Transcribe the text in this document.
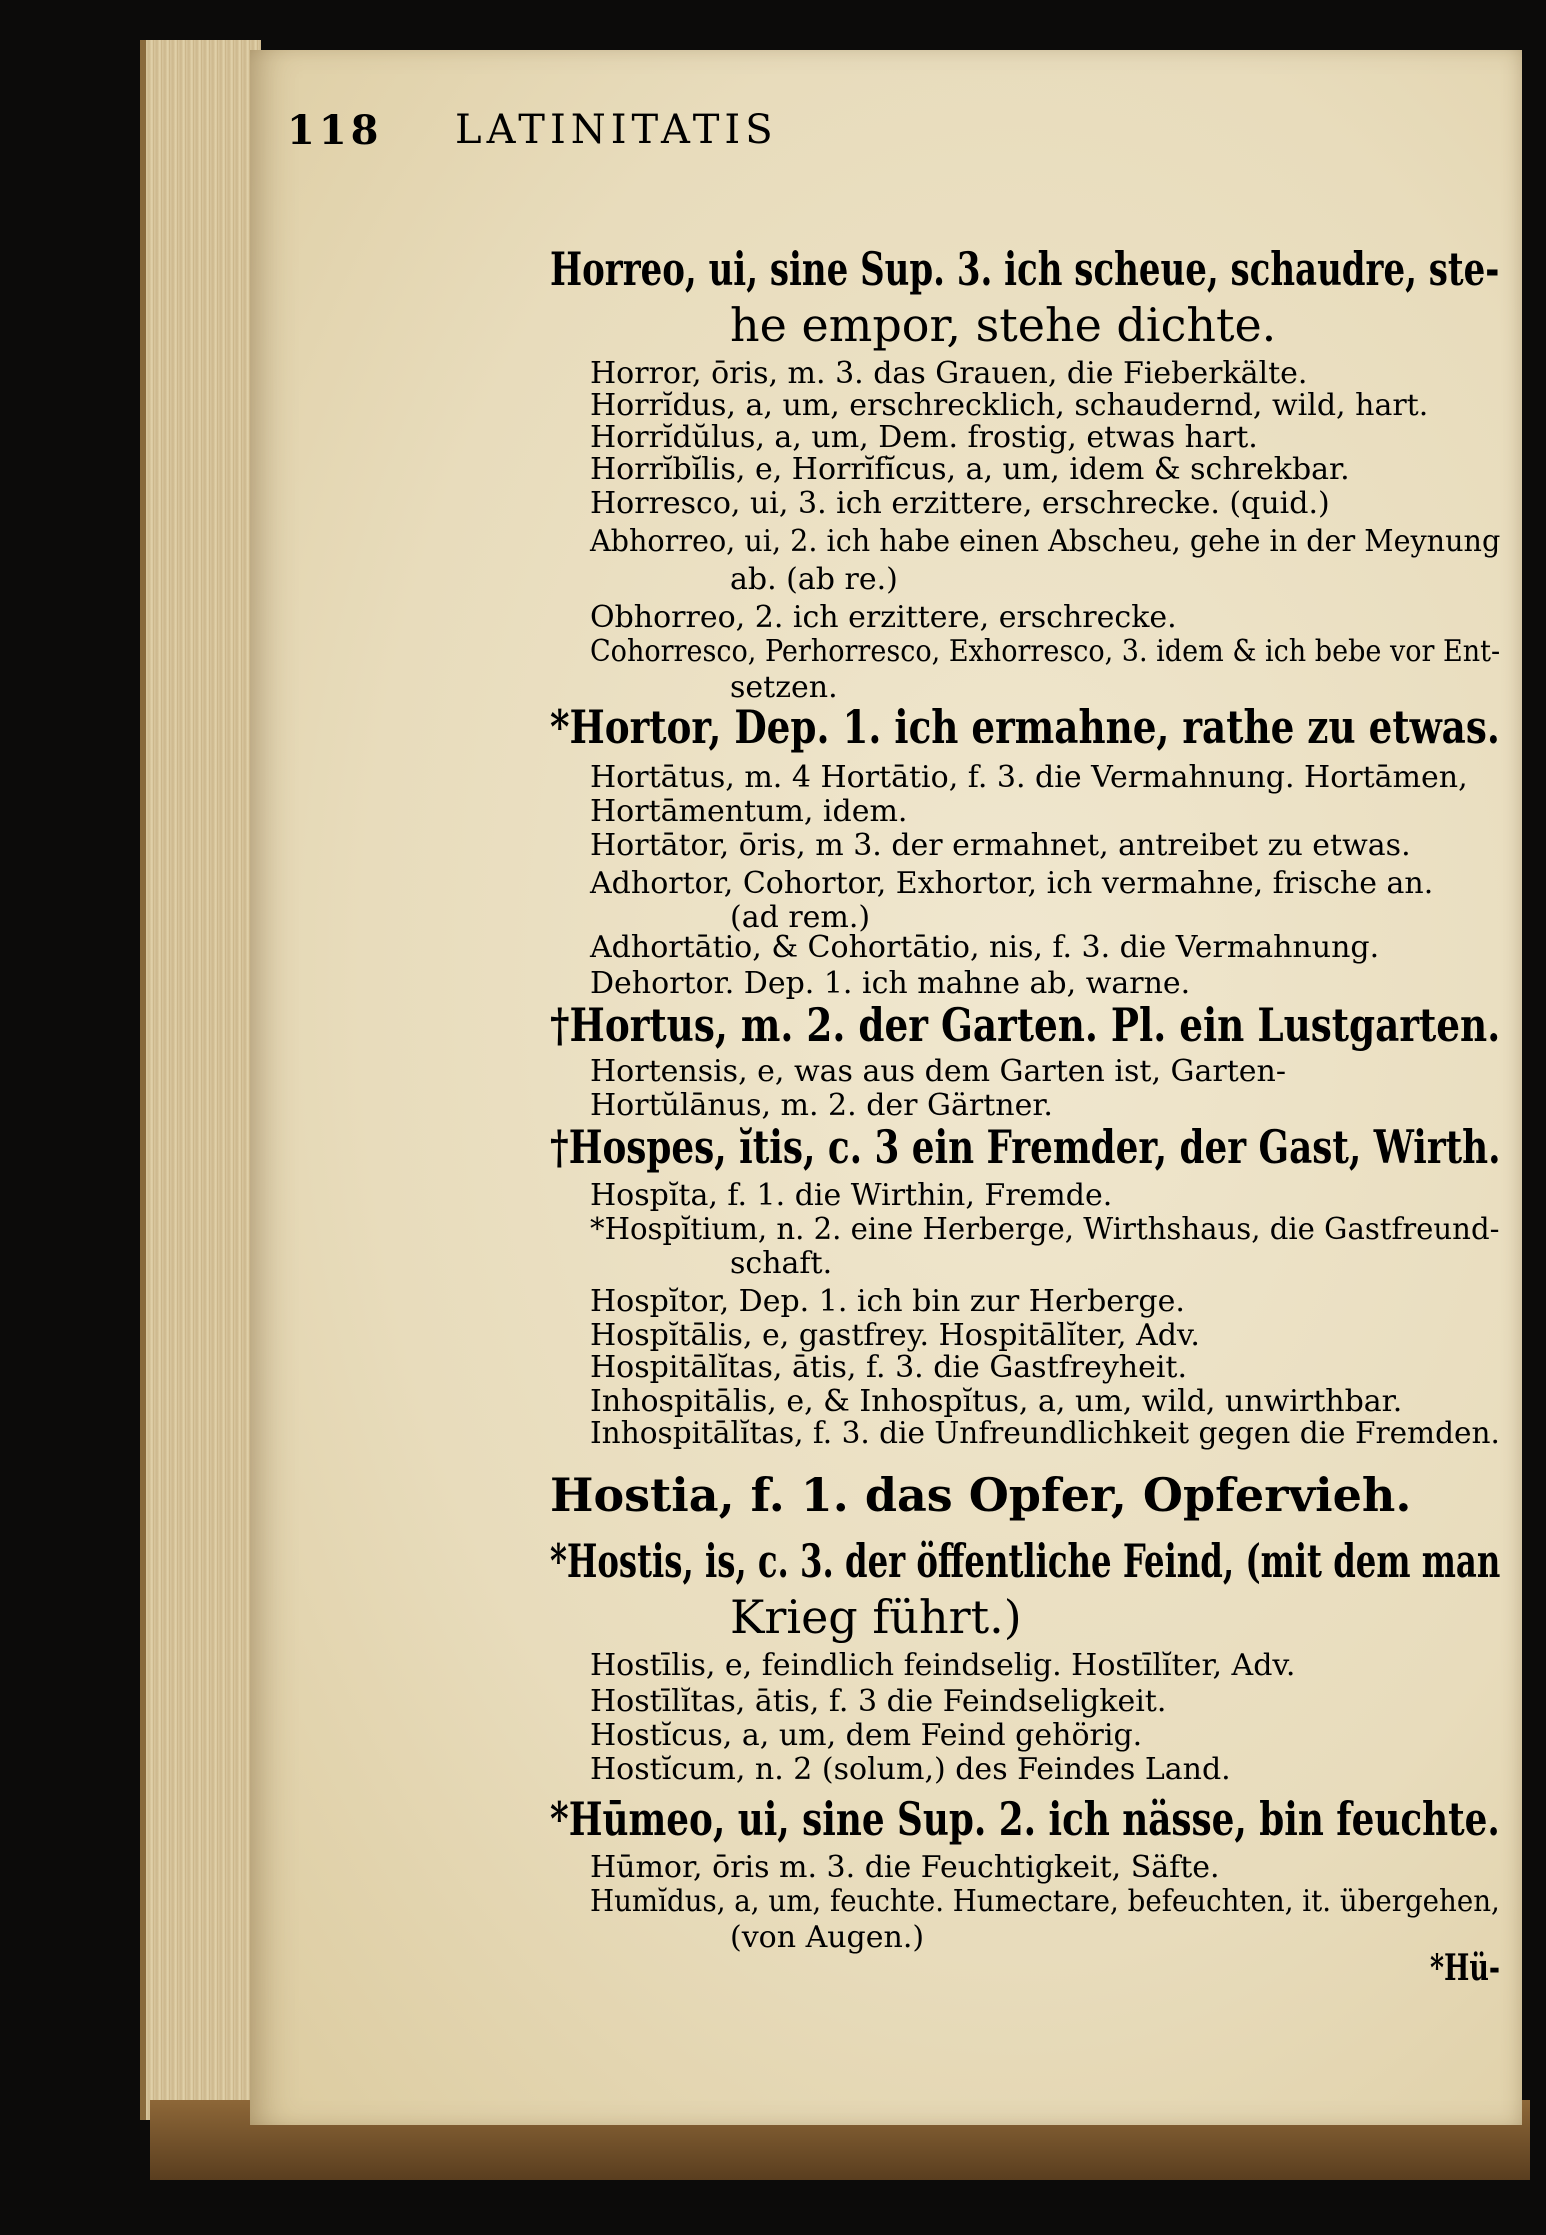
118 LATINITATIS
Horreo, ui, sine Sup. 3. ich scheue, schaudre, ste-
he empor, stehe dichte.
Horror, ōris, m. 3. das Grauen, die Fieberkälte.
Horrĭdus, a, um, erschrecklich, schaudernd, wild, hart.
Horrĭdŭlus, a, um, Dem. frostig, etwas hart.
Horrĭbĭlis, e, Horrĭfĭcus, a, um, idem & schrekbar.
Horresco, ui, 3. ich erzittere, erschrecke. (quid.)
Abhorreo, ui, 2. ich habe einen Abscheu, gehe in der Meynung
ab. (ab re.)
Obhorreo, 2. ich erzittere, erschrecke.
Cohorresco, Perhorresco, Exhorresco, 3. idem & ich bebe vor Ent-
setzen.
*Hortor, Dep. 1. ich ermahne, rathe zu etwas.
Hortātus, m. 4 Hortātio, f. 3. die Vermahnung. Hortāmen,
Hortāmentum, idem.
Hortātor, ōris, m 3. der ermahnet, antreibet zu etwas.
Adhortor, Cohortor, Exhortor, ich vermahne, frische an.
(ad rem.)
Adhortātio, & Cohortātio, nis, f. 3. die Vermahnung.
Dehortor. Dep. 1. ich mahne ab, warne.
†Hortus, m. 2. der Garten. Pl. ein Lustgarten.
Hortensis, e, was aus dem Garten ist, Garten-
Hortŭlānus, m. 2. der Gärtner.
†Hospes, ĭtis, c. 3 ein Fremder, der Gast, Wirth.
Hospĭta, f. 1. die Wirthin, Fremde.
*Hospĭtium, n. 2. eine Herberge, Wirthshaus, die Gastfreund-
schaft.
Hospĭtor, Dep. 1. ich bin zur Herberge.
Hospĭtālis, e, gastfrey. Hospitālĭter, Adv.
Hospitālĭtas, ātis, f. 3. die Gastfreyheit.
Inhospitālis, e, & Inhospĭtus, a, um, wild, unwirthbar.
Inhospitālĭtas, f. 3. die Unfreundlichkeit gegen die Fremden.
Hostia, f. 1. das Opfer, Opfervieh.
*Hostis, is, c. 3. der öffentliche Feind, (mit dem man
Krieg führt.)
Hostīlis, e, feindlich feindselig. Hostīlĭter, Adv.
Hostīlĭtas, ātis, f. 3 die Feindseligkeit.
Hostĭcus, a, um, dem Feind gehörig.
Hostĭcum, n. 2 (solum,) des Feindes Land.
*Hūmeo, ui, sine Sup. 2. ich nässe, bin feuchte.
Hūmor, ōris m. 3. die Feuchtigkeit, Säfte.
Humĭdus, a, um, feuchte. Humectare, befeuchten, it. übergehen,
(von Augen.)
*Hü-
